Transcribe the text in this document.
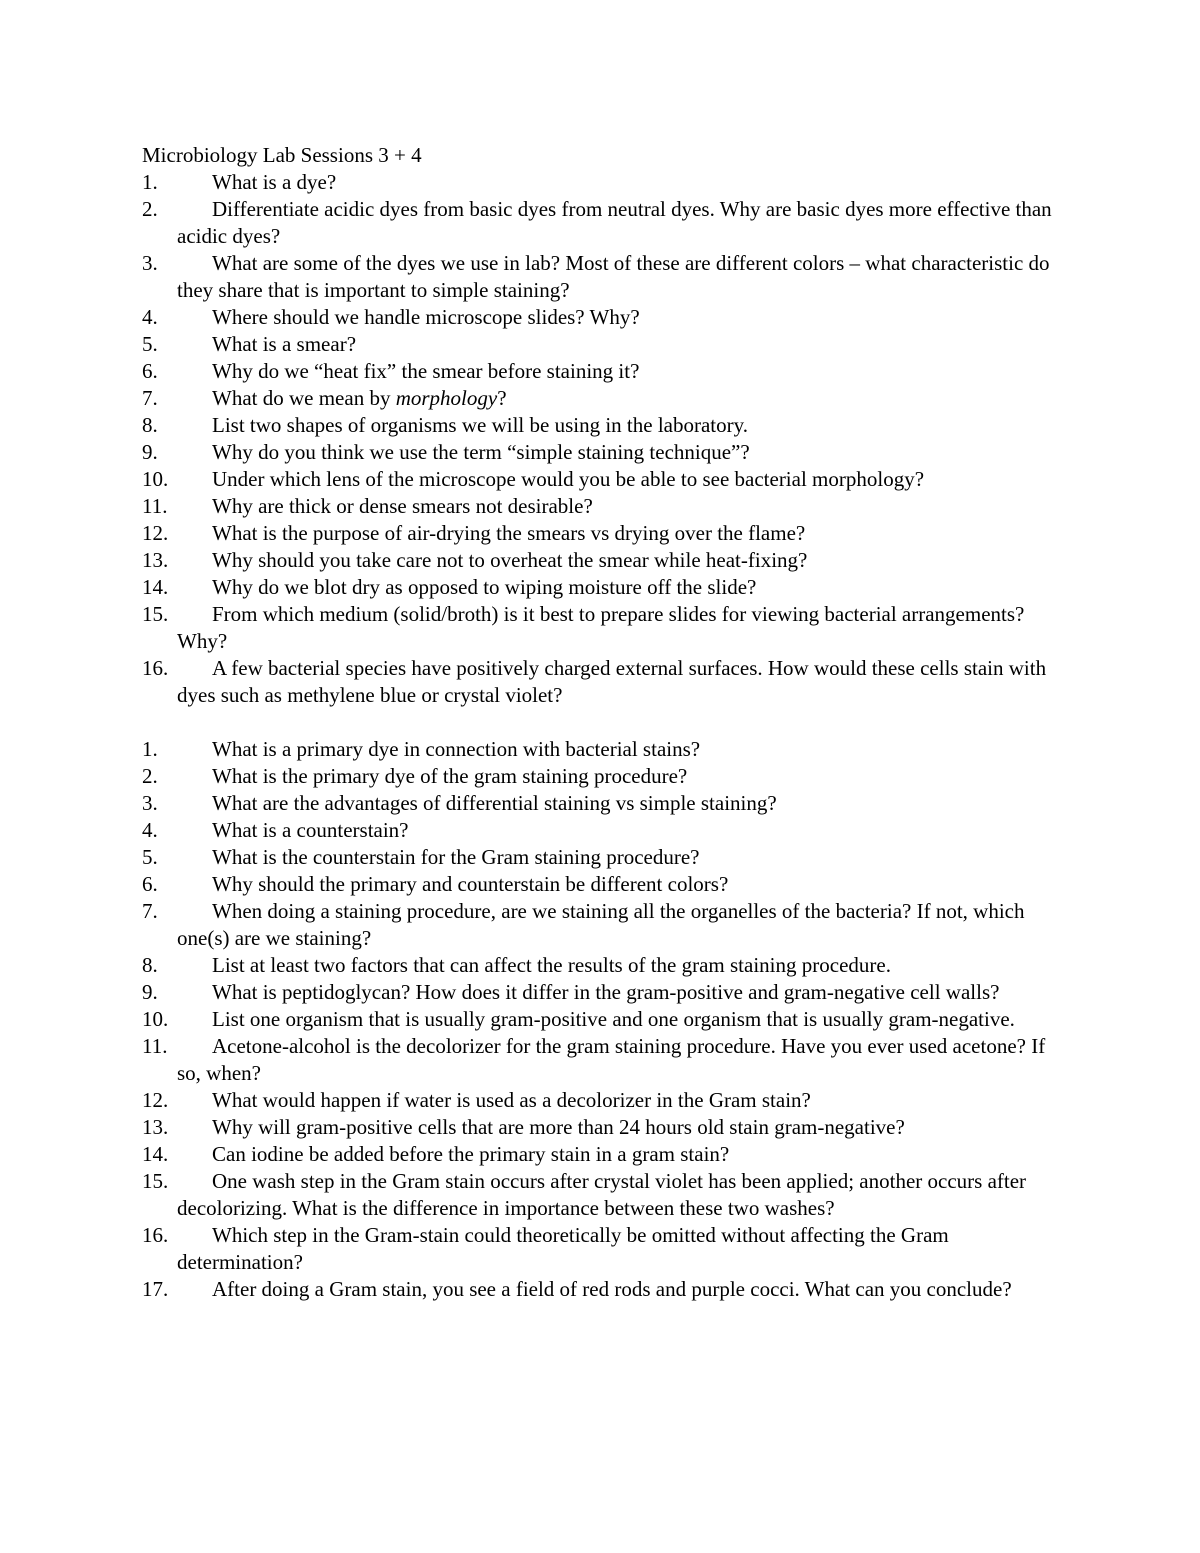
Microbiology Lab Sessions 3 + 4
1.	What is a dye?
2.	Differentiate acidic dyes from basic dyes from neutral dyes. Why are basic dyes more effective than acidic dyes?
3.	What are some of the dyes we use in lab? Most of these are different colors – what characteristic do they share that is important to simple staining?
4.	Where should we handle microscope slides? Why?
5.	What is a smear?
6.	Why do we “heat fix” the smear before staining it?
7.	What do we mean by morphology?
8.	List two shapes of organisms we will be using in the laboratory.
9.	Why do you think we use the term “simple staining technique”?
10.	Under which lens of the microscope would you be able to see bacterial morphology?
11.	Why are thick or dense smears not desirable?
12.	What is the purpose of air-drying the smears vs drying over the flame?
13.	Why should you take care not to overheat the smear while heat-fixing?
14.	Why do we blot dry as opposed to wiping moisture off the slide?
15.	From which medium (solid/broth) is it best to prepare slides for viewing bacterial arrangements? Why?
16.	A few bacterial species have positively charged external surfaces. How would these cells stain with dyes such as methylene blue or crystal violet?
1.	What is a primary dye in connection with bacterial stains?
2.	What is the primary dye of the gram staining procedure?
3.	What are the advantages of differential staining vs simple staining?
4.	What is a counterstain?
5.	What is the counterstain for the Gram staining procedure?
6.	Why should the primary and counterstain be different colors?
7.	When doing a staining procedure, are we staining all the organelles of the bacteria? If not, which one(s) are we staining?
8.	List at least two factors that can affect the results of the gram staining procedure.
9.	What is peptidoglycan? How does it differ in the gram-positive and gram-negative cell walls?
10.	List one organism that is usually gram-positive and one organism that is usually gram-negative.
11.	Acetone-alcohol is the decolorizer for the gram staining procedure. Have you ever used acetone? If so, when?
12.	What would happen if water is used as a decolorizer in the Gram stain?
13.	Why will gram-positive cells that are more than 24 hours old stain gram-negative?
14.	Can iodine be added before the primary stain in a gram stain?
15.	One wash step in the Gram stain occurs after crystal violet has been applied; another occurs after decolorizing. What is the difference in importance between these two washes?
16.	Which step in the Gram-stain could theoretically be omitted without affecting the Gram determination?
17.	After doing a Gram stain, you see a field of red rods and purple cocci. What can you conclude?
